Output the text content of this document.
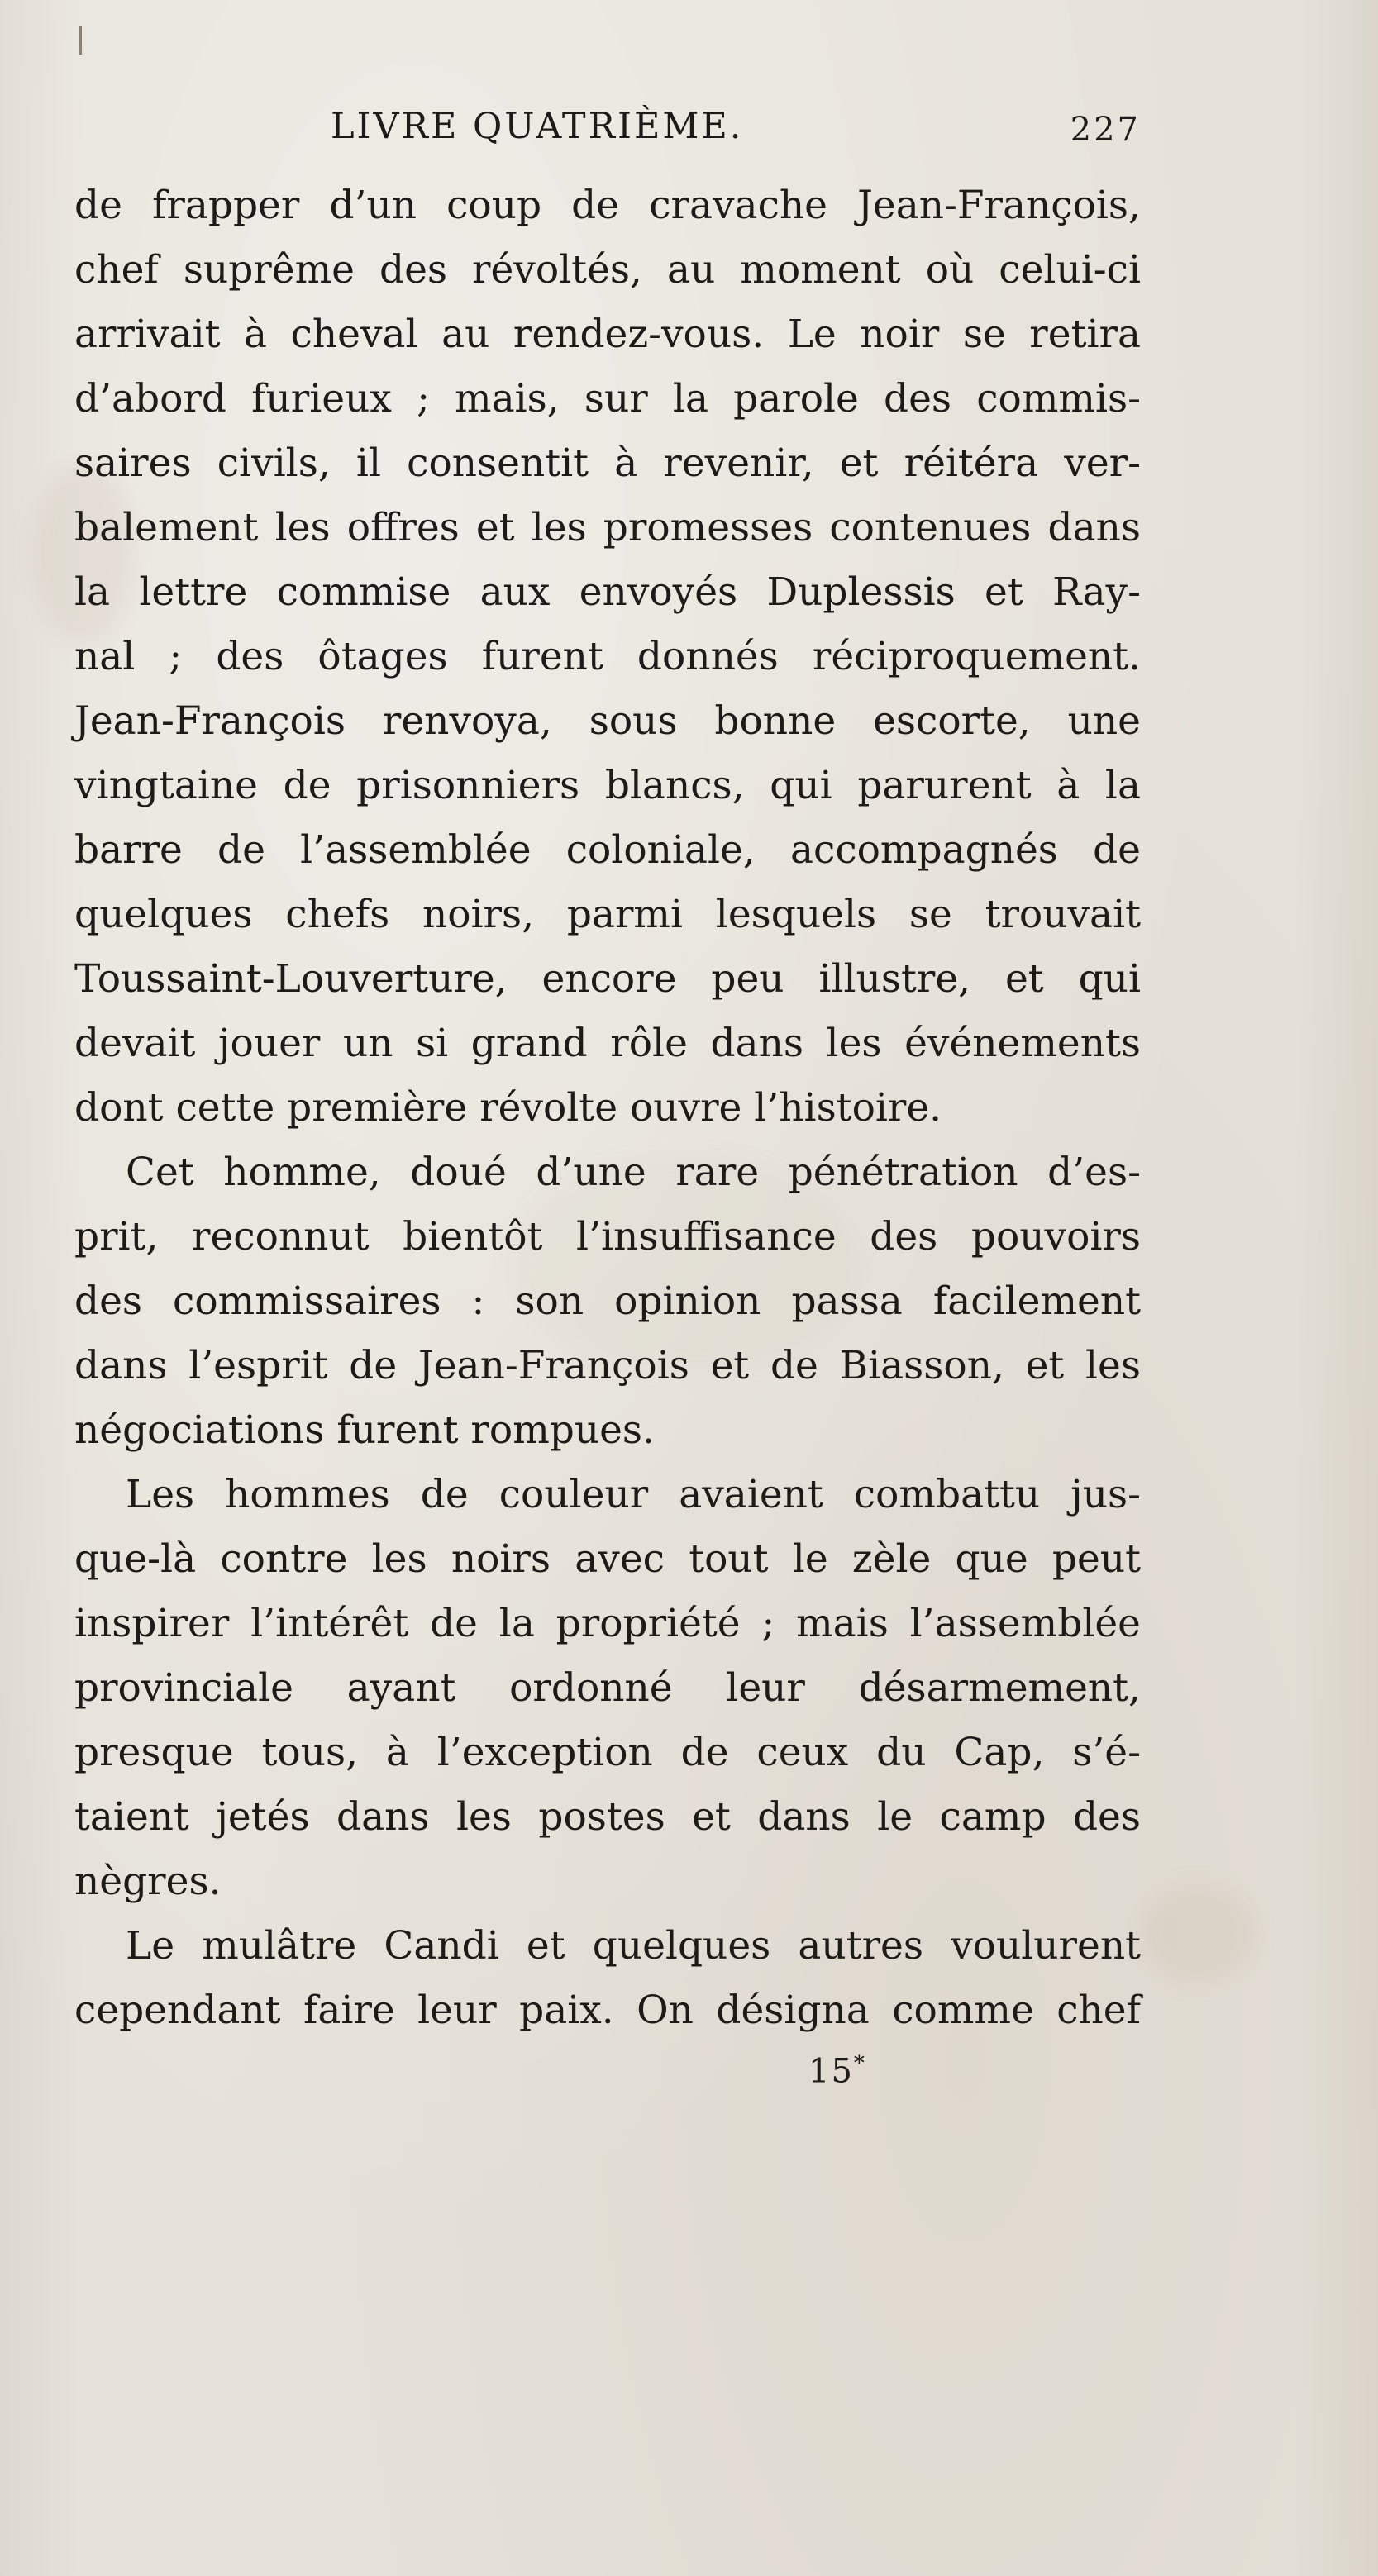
LIVRE QUATRIÈME.	227
de frapper d’un coup de cravache Jean-François,
chef suprême des révoltés, au moment où celui-ci
arrivait à cheval au rendez-vous. Le noir se retira
d’abord furieux ; mais, sur la parole des commis-
saires civils, il consentit à revenir, et réitéra ver-
balement les offres et les promesses contenues dans
la lettre commise aux envoyés Duplessis et Ray-
nal ; des ôtages furent donnés réciproquement.
Jean-François renvoya, sous bonne escorte, une
vingtaine de prisonniers blancs, qui parurent à la
barre de l’assemblée coloniale, accompagnés de
quelques chefs noirs, parmi lesquels se trouvait
Toussaint-Louverture, encore peu illustre, et qui
devait jouer un si grand rôle dans les événements
dont cette première révolte ouvre l’histoire.
Cet homme, doué d’une rare pénétration d’es-
prit, reconnut bientôt l’insuffisance des pouvoirs
des commissaires : son opinion passa facilement
dans l’esprit de Jean-François et de Biasson, et les
négociations furent rompues.
Les hommes de couleur avaient combattu jus-
que-là contre les noirs avec tout le zèle que peut
inspirer l’intérêt de la propriété ; mais l’assemblée
provinciale ayant ordonné leur désarmement,
presque tous, à l’exception de ceux du Cap, s’é-
taient jetés dans les postes et dans le camp des
nègres.
Le mulâtre Candi et quelques autres voulurent
cependant faire leur paix. On désigna comme chef
15*
